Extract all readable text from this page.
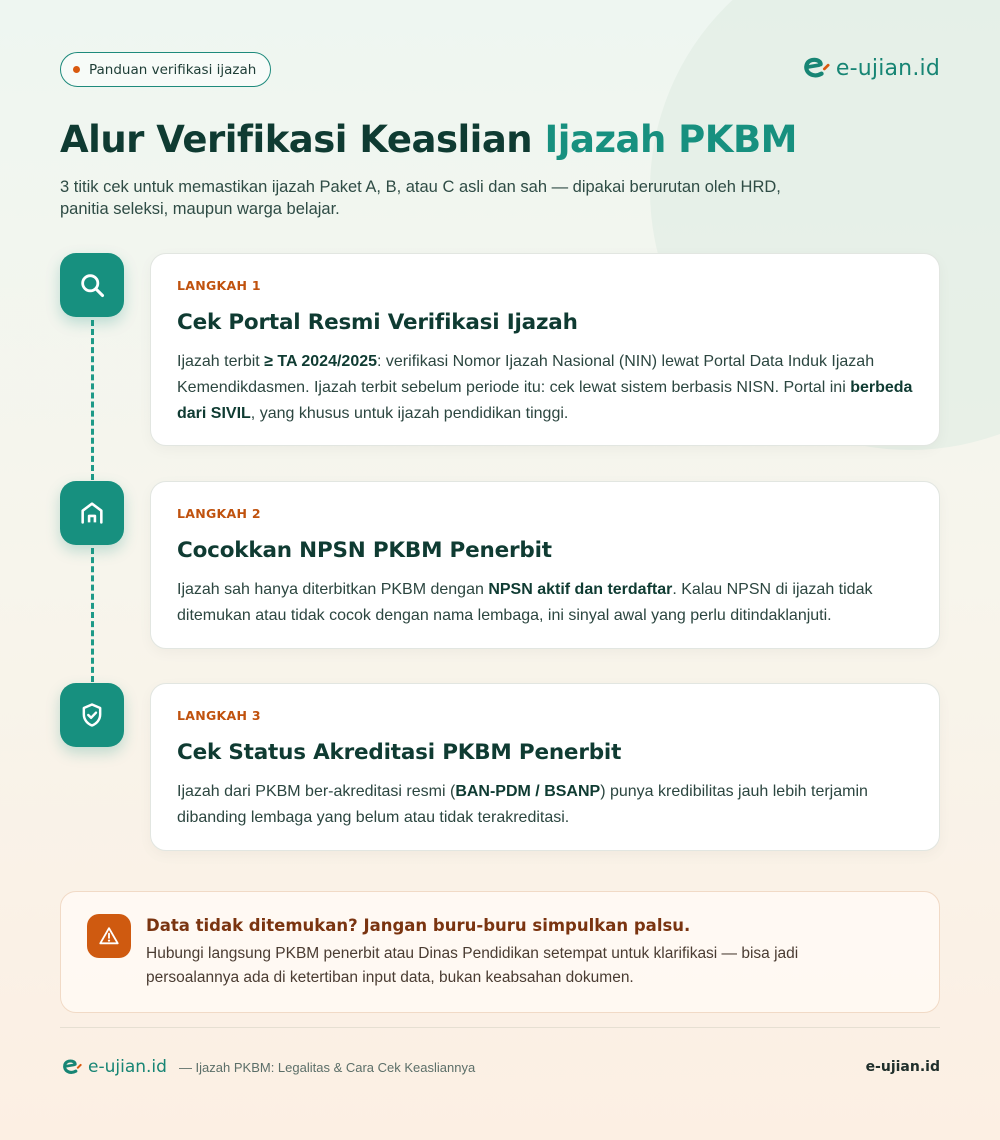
Panduan verifikasi ijazah	e-ujian.id
Alur Verifikasi Keaslian Ijazah PKBM
3 titik cek untuk memastikan ijazah Paket A, B, atau C asli dan sah — dipakai berurutan oleh HRD, panitia seleksi, maupun warga belajar.
LANGKAH 1
Cek Portal Resmi Verifikasi Ijazah

Ijazah terbit ≥ TA 2024/2025: verifikasi Nomor Ijazah Nasional (NIN) lewat Portal Data Induk Ijazah Kemendikdasmen. Ijazah terbit sebelum periode itu: cek lewat sistem berbasis NISN. Portal ini berbeda dari SIVIL, yang khusus untuk ijazah pendidikan tinggi.

LANGKAH 2
Cocokkan NPSN PKBM Penerbit

Ijazah sah hanya diterbitkan PKBM dengan NPSN aktif dan terdaftar. Kalau NPSN di ijazah tidak ditemukan atau tidak cocok dengan nama lembaga, ini sinyal awal yang perlu ditindaklanjuti.

LANGKAH 3
Cek Status Akreditasi PKBM Penerbit

Ijazah dari PKBM ber-akreditasi resmi (BAN-PDM / BSANP) punya kredibilitas jauh lebih terjamin dibanding lembaga yang belum atau tidak terakreditasi.

Data tidak ditemukan? Jangan buru-buru simpulkan palsu.
Hubungi langsung PKBM penerbit atau Dinas Pendidikan setempat untuk klarifikasi — bisa jadi persoalannya ada di ketertiban input data, bukan keabsahan dokumen.
e-ujian.id — Ijazah PKBM: Legalitas & Cara Cek Keasliannya	e-ujian.id
